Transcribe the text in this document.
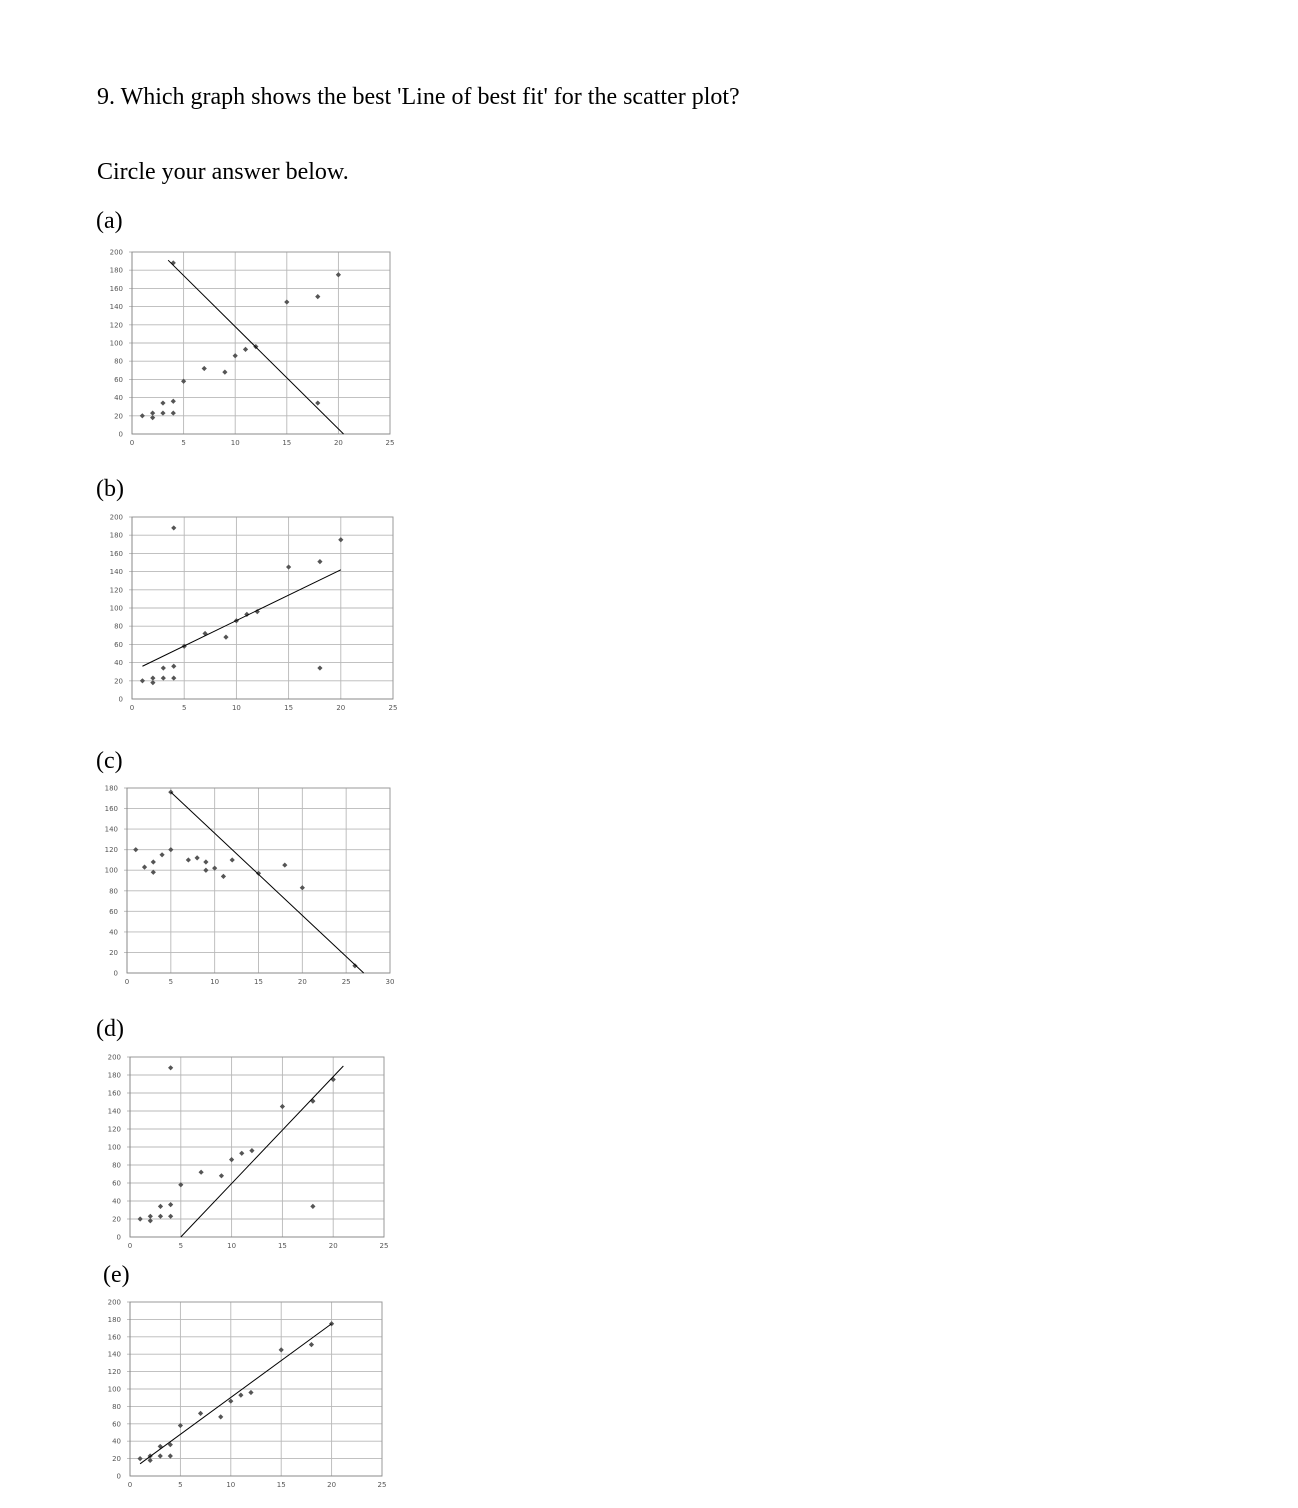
9. Which graph shows the best 'Line of best fit' for the scatter plot?
Circle your answer below.
(a)
0	5	10	15	20	25
0
20
40
60
80
100
120
140
160
180
200
(b)
0	5	10	15	20	25
0
20
40
60
80
100
120
140
160
180
200
(c)
0	5	10	15	20	25	30
0
20
40
60
80
100
120
140
160
180
(d)
0	5	10	15	20	25
0
20
40
60
80
100
120
140
160
180
200
(e)
0	5	10	15	20	25
0
20
40
60
80
100
120
140
160
180
200
